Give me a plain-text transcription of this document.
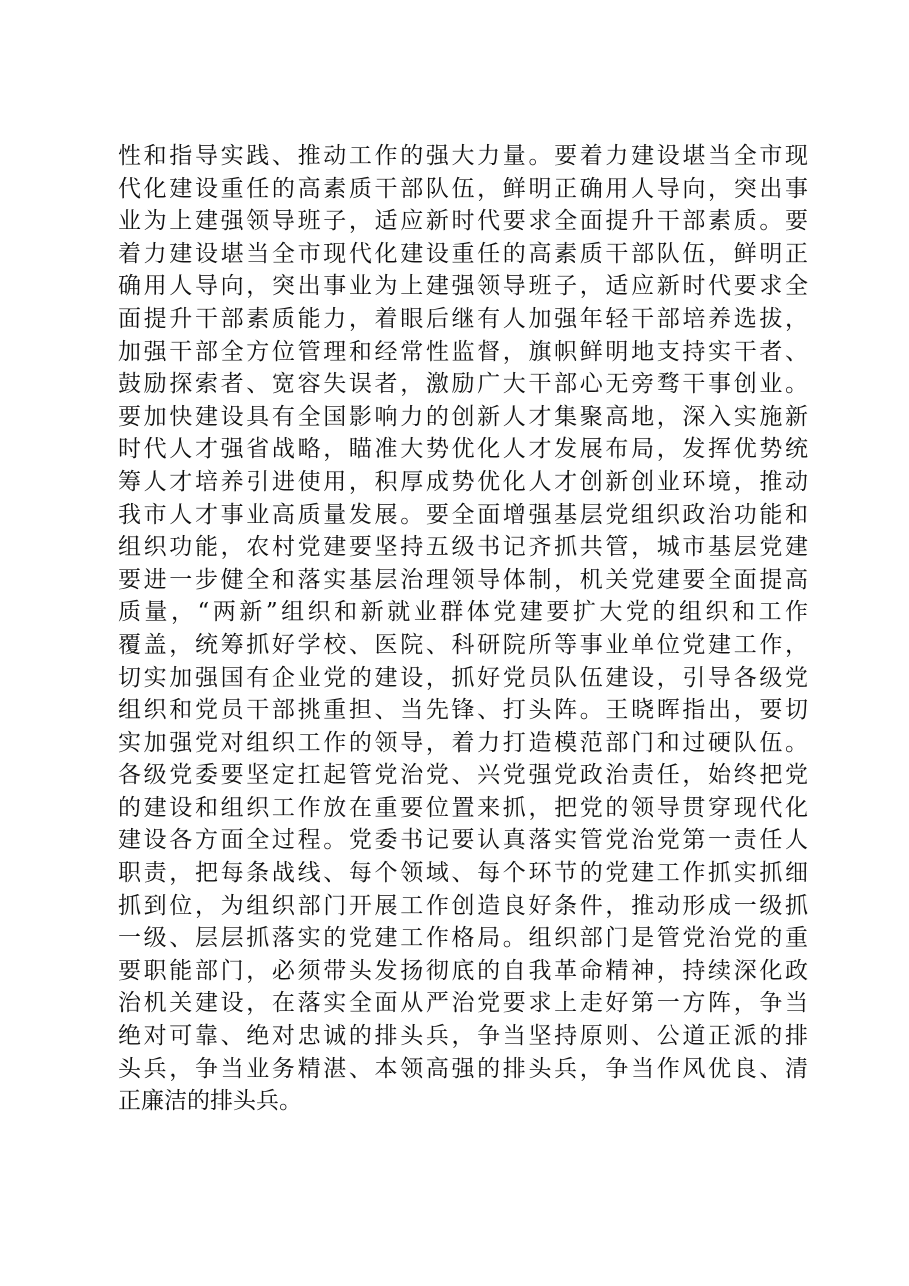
性和指导实践、推动工作的强大力量。要着力建设堪当全市现
代化建设重任的高素质干部队伍，鲜明正确用人导向，突出事
业为上建强领导班子，适应新时代要求全面提升干部素质。要
着力建设堪当全市现代化建设重任的高素质干部队伍，鲜明正
确用人导向，突出事业为上建强领导班子，适应新时代要求全
面提升干部素质能力，着眼后继有人加强年轻干部培养选拔，
加强干部全方位管理和经常性监督，旗帜鲜明地支持实干者、
鼓励探索者、宽容失误者，激励广大干部心无旁骛干事创业。
要加快建设具有全国影响力的创新人才集聚高地，深入实施新
时代人才强省战略，瞄准大势优化人才发展布局，发挥优势统
筹人才培养引进使用，积厚成势优化人才创新创业环境，推动
我市人才事业高质量发展。要全面增强基层党组织政治功能和
组织功能，农村党建要坚持五级书记齐抓共管，城市基层党建
要进一步健全和落实基层治理领导体制，机关党建要全面提高
质量，“两新”组织和新就业群体党建要扩大党的组织和工作
覆盖，统筹抓好学校、医院、科研院所等事业单位党建工作，
切实加强国有企业党的建设，抓好党员队伍建设，引导各级党
组织和党员干部挑重担、当先锋、打头阵。王晓晖指出，要切
实加强党对组织工作的领导，着力打造模范部门和过硬队伍。
各级党委要坚定扛起管党治党、兴党强党政治责任，始终把党
的建设和组织工作放在重要位置来抓，把党的领导贯穿现代化
建设各方面全过程。党委书记要认真落实管党治党第一责任人
职责，把每条战线、每个领域、每个环节的党建工作抓实抓细
抓到位，为组织部门开展工作创造良好条件，推动形成一级抓
一级、层层抓落实的党建工作格局。组织部门是管党治党的重
要职能部门，必须带头发扬彻底的自我革命精神，持续深化政
治机关建设，在落实全面从严治党要求上走好第一方阵，争当
绝对可靠、绝对忠诚的排头兵，争当坚持原则、公道正派的排
头兵，争当业务精湛、本领高强的排头兵，争当作风优良、清
正廉洁的排头兵。
